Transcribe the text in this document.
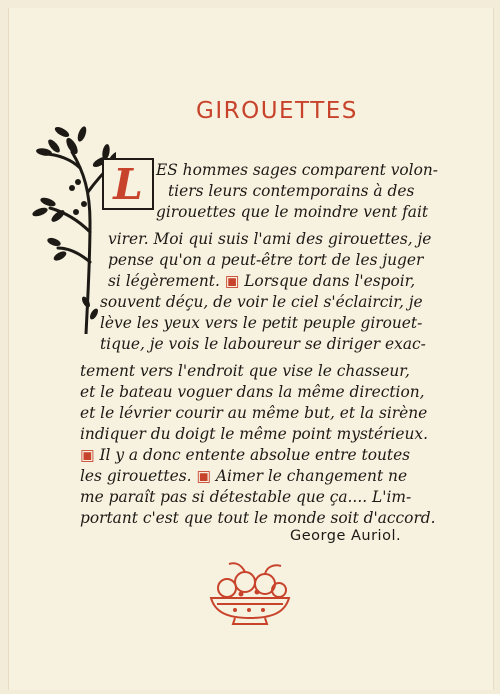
GIROUETTES
L ES hommes sages comparent volon-
tiers leurs contemporains à des
girouettes que le moindre vent fait
virer. Moi qui suis l'ami des girouettes, je
pense qu'on a peut-être tort de les juger
si légèrement. ▣ Lorsque dans l'espoir,
souvent déçu, de voir le ciel s'éclaircir, je
lève les yeux vers le petit peuple girouet-
tique, je vois le laboureur se diriger exac-
tement vers l'endroit que vise le chasseur,
et le bateau voguer dans la même direction,
et le lévrier courir au même but, et la sirène
indiquer du doigt le même point mystérieux.
▣ Il y a donc entente absolue entre toutes
les girouettes. ▣ Aimer le changement ne
me paraît pas si détestable que ça.... L'im-
portant c'est que tout le monde soit d'accord.
George Auriol.
